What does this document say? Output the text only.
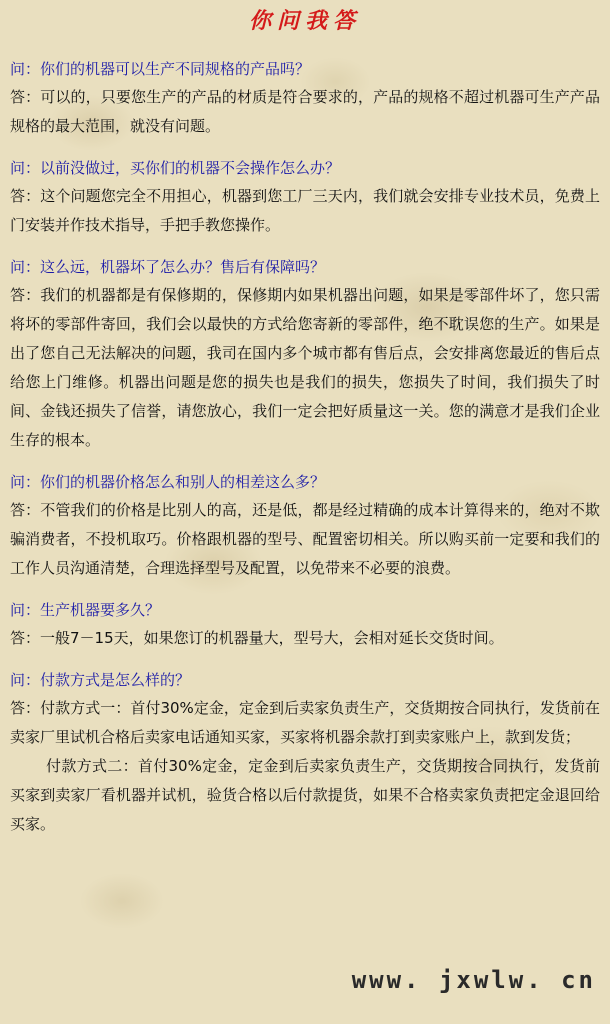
你问我答
问：你们的机器可以生产不同规格的产品吗？

答：可以的，只要您生产的产品的材质是符合要求的，产品的规格不超过机器可生产产品规格的最大范围，就没有问题。

问：以前没做过，买你们的机器不会操作怎么办？

答：这个问题您完全不用担心，机器到您工厂三天内，我们就会安排专业技术员，免费上门安装并作技术指导，手把手教您操作。

问：这么远，机器坏了怎么办？售后有保障吗？

答：我们的机器都是有保修期的，保修期内如果机器出问题，如果是零部件坏了，您只需将坏的零部件寄回，我们会以最快的方式给您寄新的零部件，绝不耽误您的生产。如果是出了您自己无法解决的问题，我司在国内多个城市都有售后点，会安排离您最近的售后点给您上门维修。机器出问题是您的损失也是我们的损失，您损失了时间，我们损失了时间、金钱还损失了信誉，请您放心，我们一定会把好质量这一关。您的满意才是我们企业生存的根本。

问：你们的机器价格怎么和别人的相差这么多？

答：不管我们的价格是比别人的高，还是低，都是经过精确的成本计算得来的，绝对不欺骗消费者，不投机取巧。价格跟机器的型号、配置密切相关。所以购买前一定要和我们的工作人员沟通清楚，合理选择型号及配置，以免带来不必要的浪费。

问：生产机器要多久？

答：一般7－15天，如果您订的机器量大，型号大，会相对延长交货时间。

问：付款方式是怎么样的？

答：付款方式一：首付30%定金，定金到后卖家负责生产，交货期按合同执行，发货前在卖家厂里试机合格后卖家电话通知买家，买家将机器余款打到卖家账户上，款到发货；

付款方式二：首付30%定金，定金到后卖家负责生产，交货期按合同执行，发货前买家到卖家厂看机器并试机，验货合格以后付款提货，如果不合格卖家负责把定金退回给买家。

www. jxwlw. cn
